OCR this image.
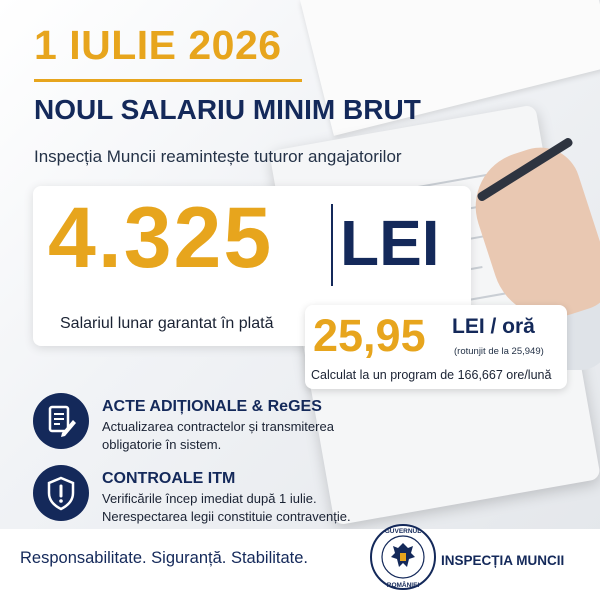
1 IULIE 2026
NOUL SALARIU MINIM BRUT
Inspecția Muncii reamintește tuturor angajatorilor
4.325 LEI
Salariul lunar garantat în plată 25,95 LEI / oră
(rotunjit de la 25,949)
Calculat la un program de 166,667 ore/lună
ACTE ADIȚIONALE & ReGES
Actualizarea contractelor și transmiterea
obligatorie în sistem.
CONTROALE ITM
Verificările încep imediat după 1 iulie.
Nerespectarea legii constituie contravenție.
Responsabilitate. Siguranță. Stabilitate.
GUVERNUL
ROMÂNIEI
INSPECȚIA MUNCII
